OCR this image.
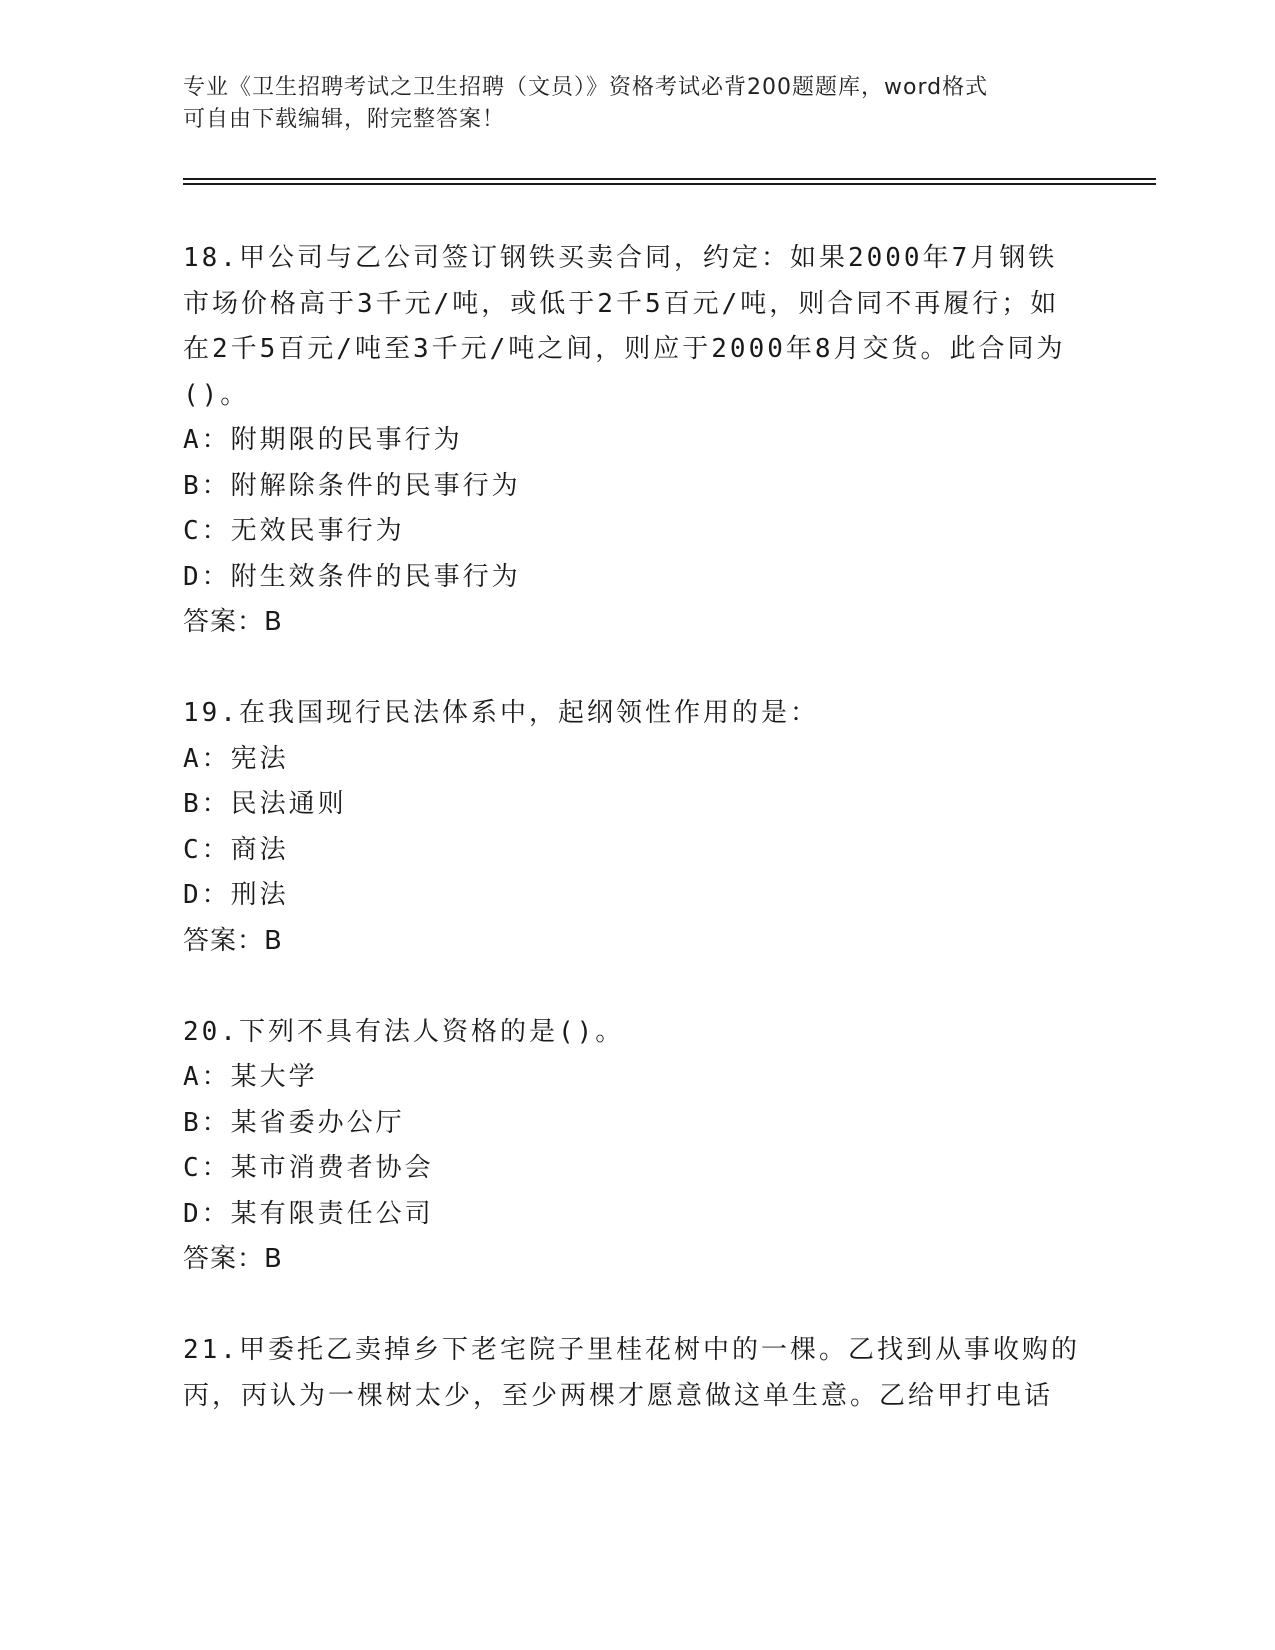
专业《卫生招聘考试之卫生招聘（文员）》资格考试必背200题题库，word格式
可自由下载编辑，附完整答案！

18.甲公司与乙公司签订钢铁买卖合同，约定：如果2000年7月钢铁市场价格高于3千元/吨，或低于2千5百元/吨，则合同不再履行；如在2千5百元/吨至3千元/吨之间，则应于2000年8月交货。此合同为()。

A：附期限的民事行为

B：附解除条件的民事行为

C：无效民事行为

D：附生效条件的民事行为

答案：B

19.在我国现行民法体系中，起纲领性作用的是：

A：宪法

B：民法通则

C：商法

D：刑法

答案：B

20.下列不具有法人资格的是()。

A：某大学

B：某省委办公厅

C：某市消费者协会

D：某有限责任公司

答案：B

21.甲委托乙卖掉乡下老宅院子里桂花树中的一棵。乙找到从事收购的丙，丙认为一棵树太少，至少两棵才愿意做这单生意。乙给甲打电话
